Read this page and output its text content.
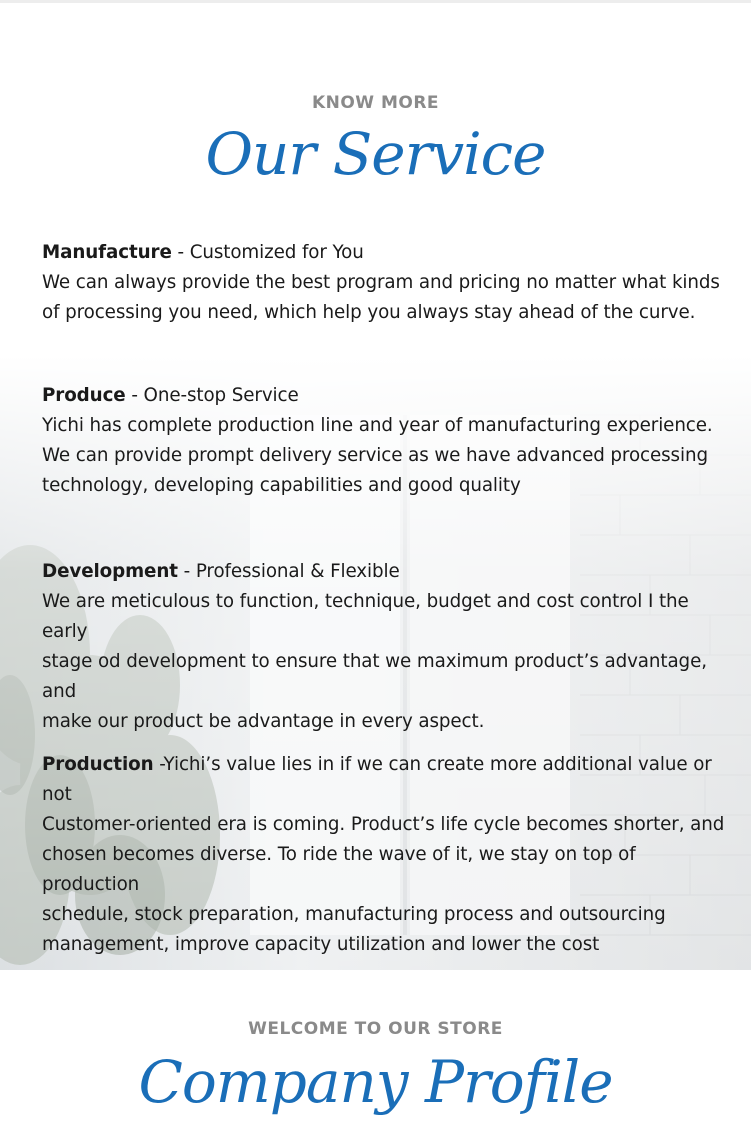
KNOW MORE
Our Service

Manufacture - Customized for You

We can always provide the best program and pricing no matter what kinds

of processing you need, which help you always stay ahead of the curve.

Produce - One-stop Service

Yichi has complete production line and year of manufacturing experience.

We can provide prompt delivery service as we have advanced processing

technology, developing capabilities and good quality

Development - Professional & Flexible

We are meticulous to function, technique, budget and cost control I the early

stage od development to ensure that we maximum product’s advantage, and

make our product be advantage in every aspect.

Production -Yichi’s value lies in if we can create more additional value or not

Customer-oriented era is coming. Product’s life cycle becomes shorter, and

chosen becomes diverse. To ride the wave of it, we stay on top of production

schedule, stock preparation, manufacturing process and outsourcing

management, improve capacity utilization and lower the cost

WELCOME TO OUR STORE
Company Profile
